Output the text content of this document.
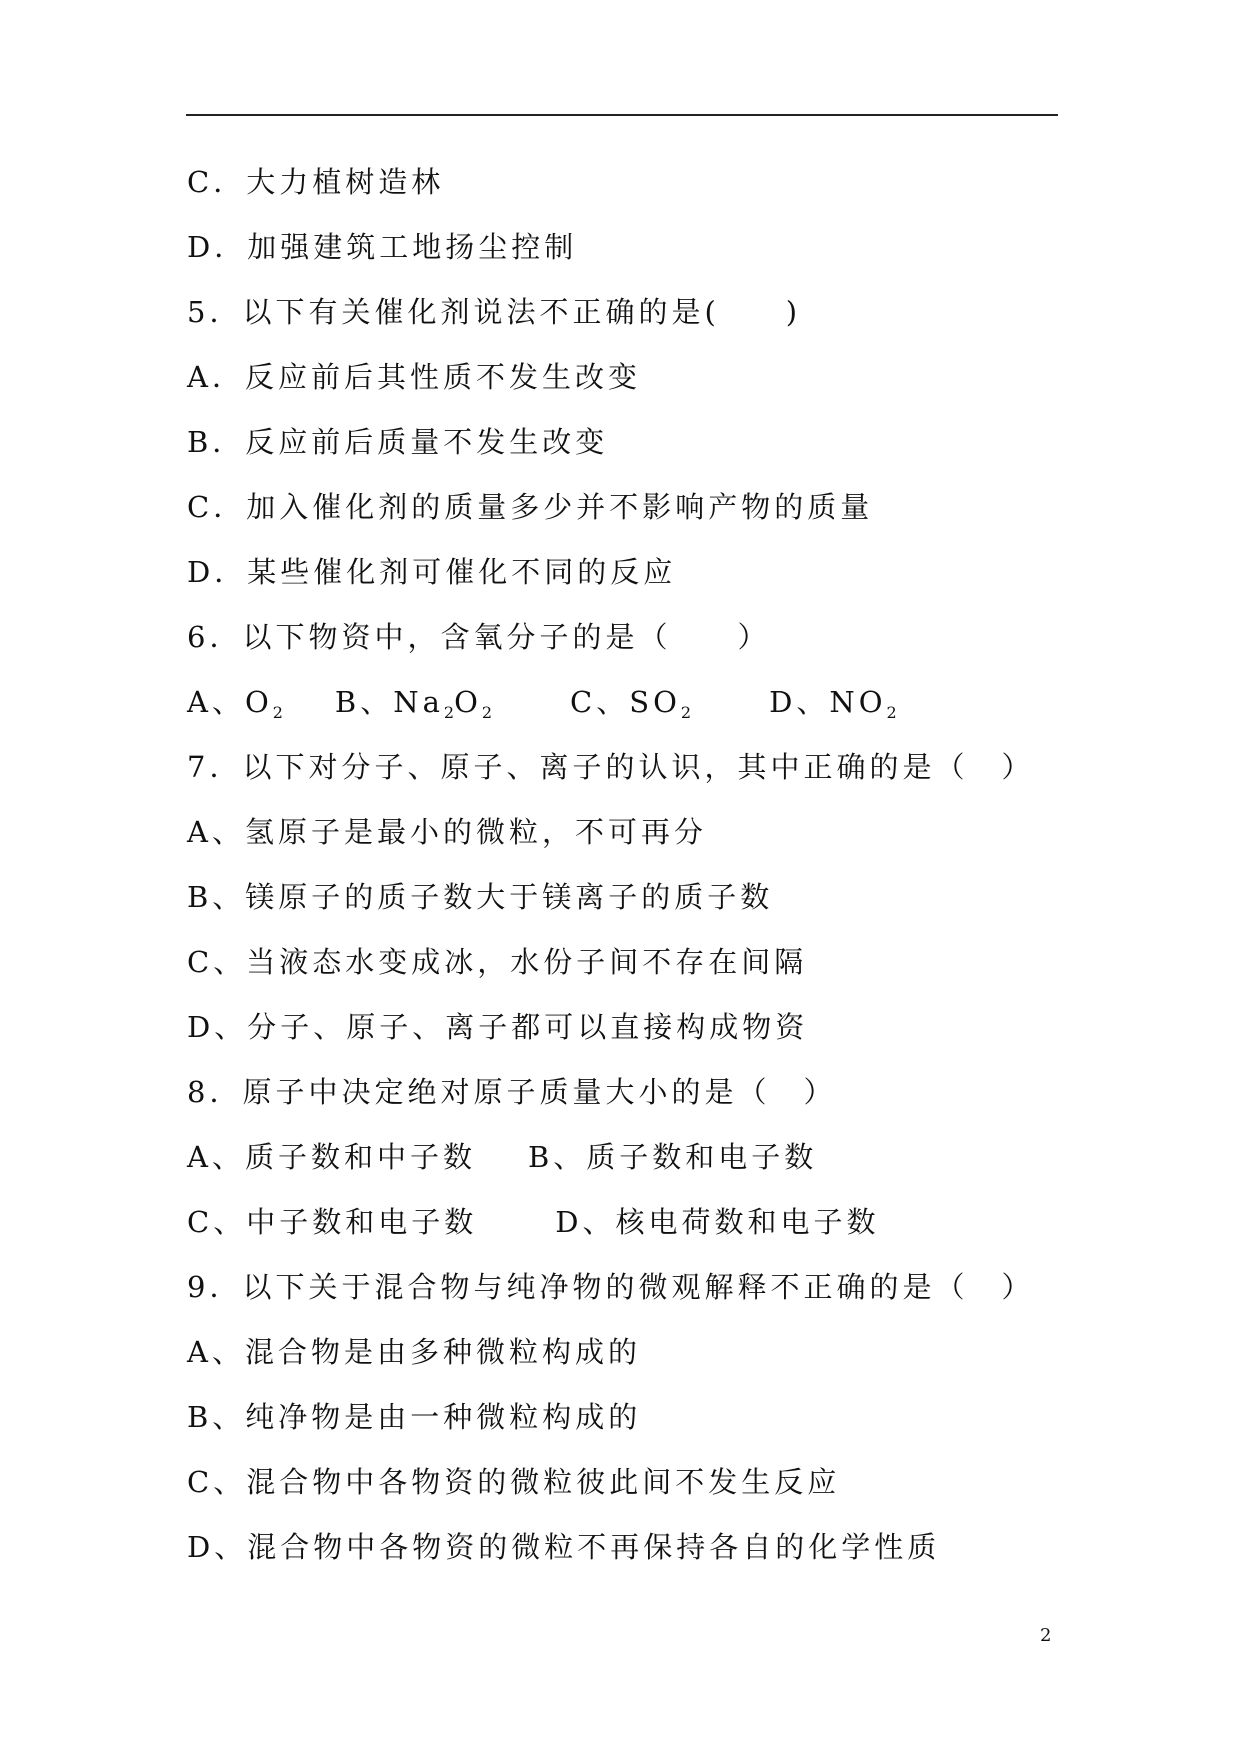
C．大力植树造林
D．加强建筑工地扬尘控制
5．以下有关催化剂说法不正确的是(　　)
A．反应前后其性质不发生改变
B．反应前后质量不发生改变
C．加入催化剂的质量多少并不影响产物的质量
D．某些催化剂可催化不同的反应
6．以下物资中，含氧分子的是（　　）
A、$O_2$ B、$Na_2O_2$	C、$SO_2$	D、$NO_2$
7．以下对分子、原子、离子的认识，其中正确的是（　）
A、氢原子是最小的微粒，不可再分
B、镁原子的质子数大于镁离子的质子数
C、当液态水变成冰，水份子间不存在间隔
D、分子、原子、离子都可以直接构成物资
8．原子中决定绝对原子质量大小的是（　）
A、质子数和中子数 B、质子数和电子数
C、中子数和电子数	D、核电荷数和电子数
9．以下关于混合物与纯净物的微观解释不正确的是（　）
A、混合物是由多种微粒构成的
B、纯净物是由一种微粒构成的
C、混合物中各物资的微粒彼此间不发生反应
D、混合物中各物资的微粒不再保持各自的化学性质
2
